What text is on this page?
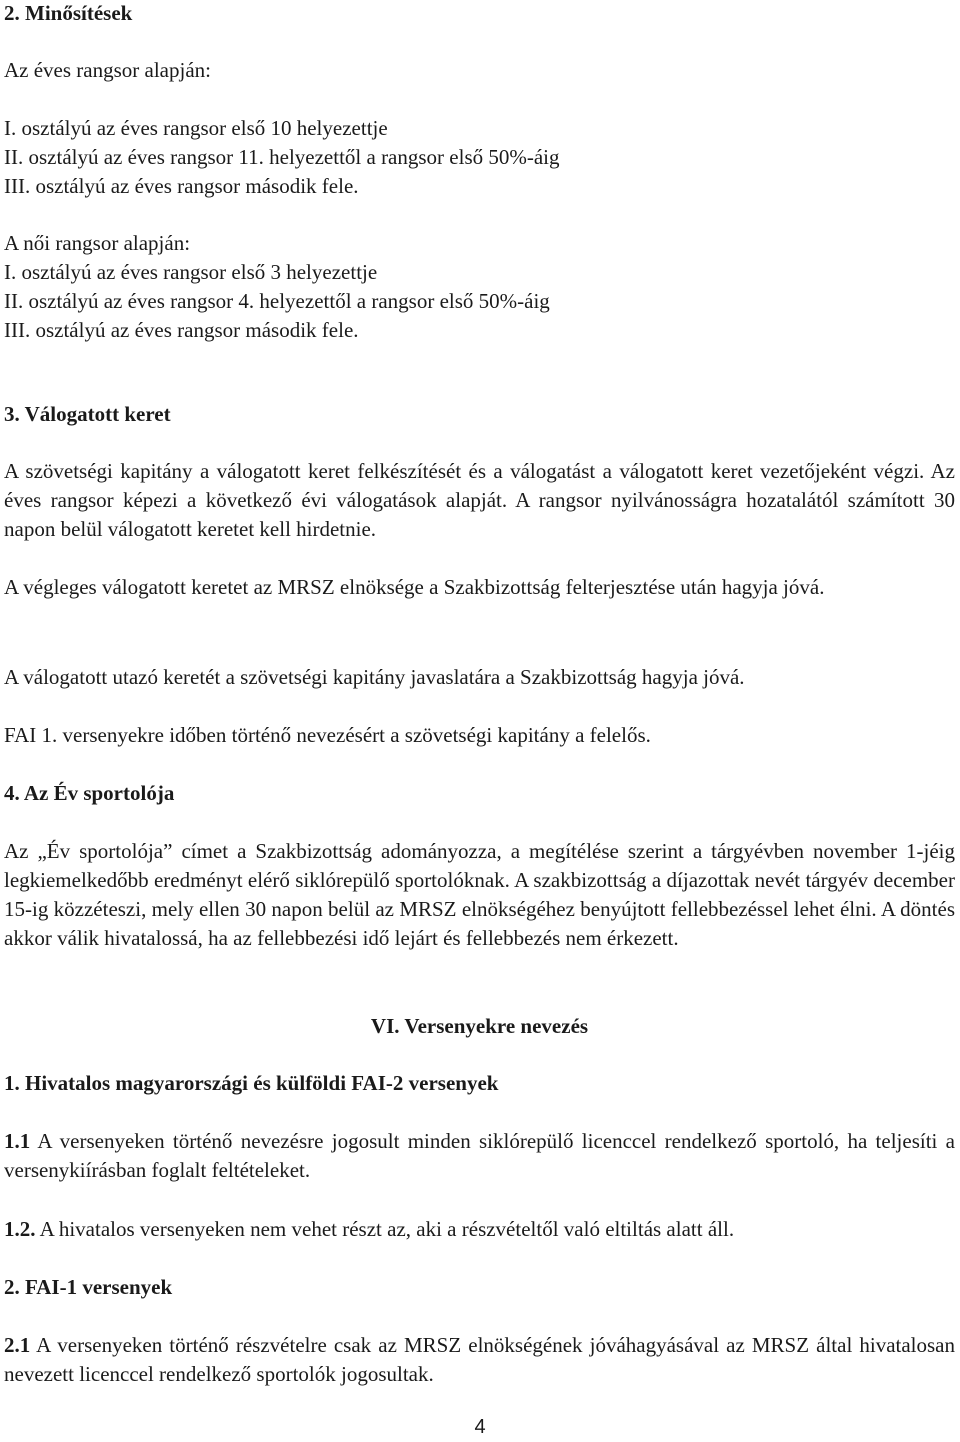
2. Minősítések
Az éves rangsor alapján:
I. osztályú az éves rangsor első 10 helyezettje
II. osztályú az éves rangsor 11. helyezettől a rangsor első 50%-áig
III. osztályú az éves rangsor második fele.
A női rangsor alapján:
I. osztályú az éves rangsor első 3 helyezettje
II. osztályú az éves rangsor 4. helyezettől a rangsor első 50%-áig
III. osztályú az éves rangsor második fele.
3. Válogatott keret
A szövetségi kapitány a válogatott keret felkészítését és a válogatást a válogatott keret vezetőjeként végzi. Az éves rangsor képezi a következő évi válogatások alapját. A rangsor nyilvánosságra hozatalától számított 30 napon belül válogatott keretet kell hirdetnie.
A végleges válogatott keretet az MRSZ elnöksége a Szakbizottság felterjesztése után hagyja jóvá.
A válogatott utazó keretét a szövetségi kapitány javaslatára a Szakbizottság hagyja jóvá.
FAI 1. versenyekre időben történő nevezésért a szövetségi kapitány a felelős.
4. Az Év sportolója
Az „Év sportolója” címet a Szakbizottság adományozza, a megítélése szerint a tárgyévben november 1-jéig legkiemelkedőbb eredményt elérő siklórepülő sportolóknak. A szakbizottság a díjazottak nevét tárgyév december 15-ig közzéteszi, mely ellen 30 napon belül az MRSZ elnökségéhez benyújtott fellebbezéssel lehet élni. A döntés akkor válik hivatalossá, ha az fellebbezési idő lejárt és fellebbezés nem érkezett.
VI. Versenyekre nevezés
1. Hivatalos magyarországi és külföldi FAI-2 versenyek
1.1 A versenyeken történő nevezésre jogosult minden siklórepülő licenccel rendelkező sportoló, ha teljesíti a versenykiírásban foglalt feltételeket.
1.2. A hivatalos versenyeken nem vehet részt az, aki a részvételtől való eltiltás alatt áll.
2. FAI-1 versenyek
2.1 A versenyeken történő részvételre csak az MRSZ elnökségének jóváhagyásával az MRSZ által hivatalosan nevezett licenccel rendelkező sportolók jogosultak.
4
